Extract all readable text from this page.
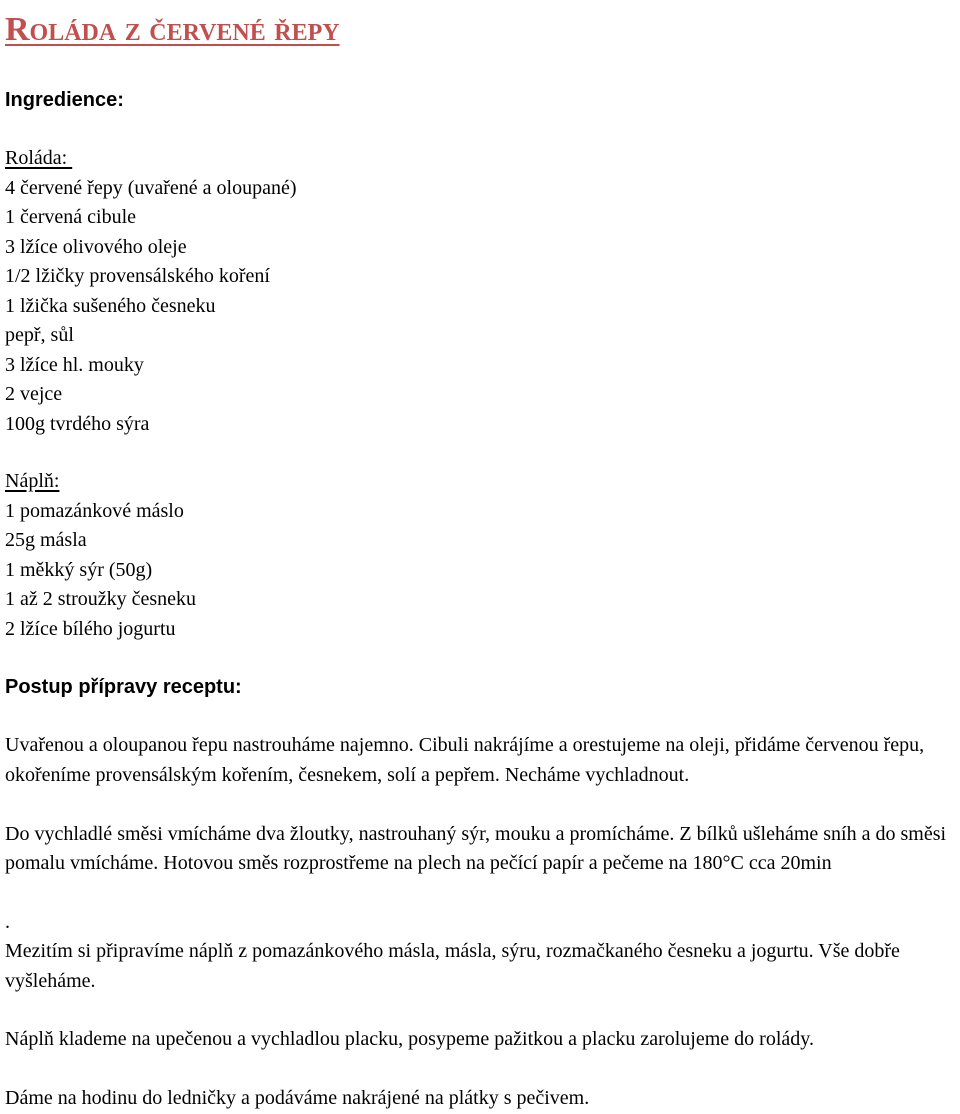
Roláda z červené řepy
Ingredience:
Roláda:
4 červené řepy (uvařené a oloupané)
1 červená cibule
3 lžíce olivového oleje
1/2 lžičky provensálského koření
1 lžička sušeného česneku
pepř, sůl
3 lžíce hl. mouky
2 vejce
100g tvrdého sýra
Náplň:
1 pomazánkové máslo
25g másla
1 měkký sýr (50g)
1 až 2 stroužky česneku
2 lžíce bílého jogurtu
Postup přípravy receptu:

Uvařenou a oloupanou řepu nastrouháme najemno. Cibuli nakrájíme a orestujeme na oleji, přidáme červenou řepu, okořeníme provensálským kořením, česnekem, solí a pepřem. Necháme vychladnout.

Do vychladlé směsi vmícháme dva žloutky, nastrouhaný sýr, mouku a promícháme. Z bílků ušleháme sníh a do směsi pomalu vmícháme. Hotovou směs rozprostřeme na plech na pečící papír a pečeme na 180°C cca 20min

.

Mezitím si připravíme náplň z pomazánkového másla, másla, sýru, rozmačkaného česneku a jogurtu. Vše dobře vyšleháme.

Náplň klademe na upečenou a vychladlou placku, posypeme pažitkou a placku zarolujeme do rolády.

Dáme na hodinu do ledničky a podáváme nakrájené na plátky s pečivem.
